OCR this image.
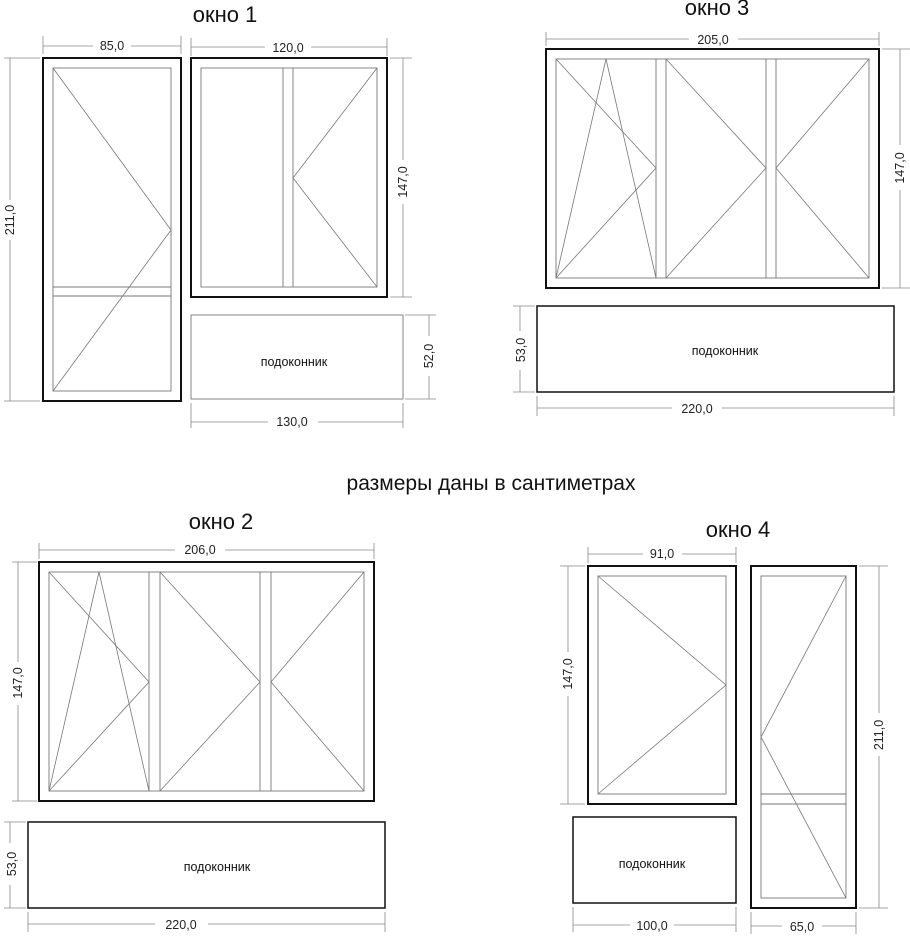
окно 1
подоконник
85,0	120,0
211,0
147,0
52,0
130,0
окно 3
подоконник
205,0
147,0
53,0
220,0
размеры даны в сантиметрах
окно 2
подоконник
206,0
147,0
53,0
220,0
окно 4
подоконник
91,0
147,0
211,0
100,0	65,0
